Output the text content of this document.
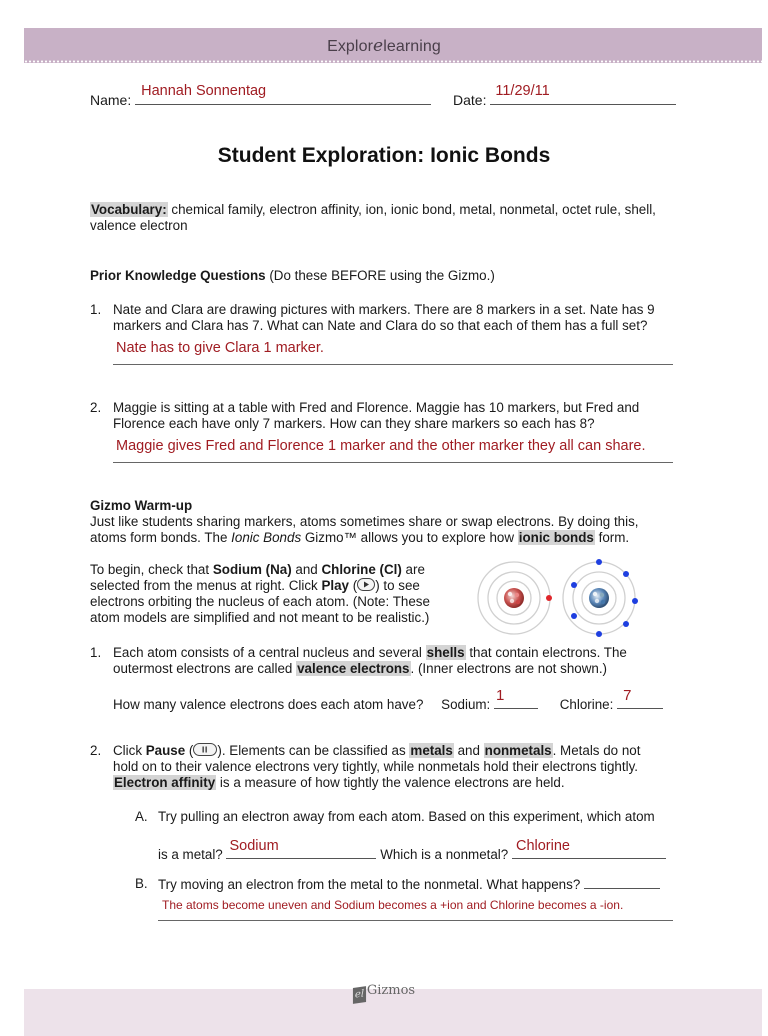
Explorelearning
Name:
Hannah Sonnentag
Date:
11/29/11
Student Exploration: Ionic Bonds
Vocabulary: chemical family, electron affinity, ion, ionic bond, metal, nonmetal, octet rule, shell,
valence electron
Prior Knowledge Questions (Do these BEFORE using the Gizmo.)
1. Nate and Clara are drawing pictures with markers. There are 8 markers in a set. Nate has 9
markers and Clara has 7. What can Nate and Clara do so that each of them has a full set?
Nate has to give Clara 1 marker.
2. Maggie is sitting at a table with Fred and Florence. Maggie has 10 markers, but Fred and
Florence each have only 7 markers. How can they share markers so each has 8?
Maggie gives Fred and Florence 1 marker and the other marker they all can share.
Gizmo Warm-up
Just like students sharing markers, atoms sometimes share or swap electrons. By doing this,
atoms form bonds. The Ionic Bonds Gizmo™ allows you to explore how ionic bonds form.
To begin, check that Sodium (Na) and Chlorine (Cl) are
selected from the menus at right. Click Play ( ) to see
electrons orbiting the nucleus of each atom. (Note: These
atom models are simplified and not meant to be realistic.)
1. Each atom consists of a central nucleus and several shells that contain electrons. The
outermost electrons are called valence electrons. (Inner electrons are not shown.)
How many valence electrons does each atom have? Sodium:
1
Chlorine:
7
2. Click Pause ( ). Elements can be classified as metals and nonmetals. Metals do not
hold on to their valence electrons very tightly, while nonmetals hold their electrons tightly.
Electron affinity is a measure of how tightly the valence electrons are held.
A. Try pulling an electron away from each atom. Based on this experiment, which atom
is a metal?
Sodium
Which is a nonmetal?
Chlorine
B. Try moving an electron from the metal to the nonmetal. What happens?
The atoms become uneven and Sodium becomes a +ion and Chlorine becomes a -ion.
el Gizmos
